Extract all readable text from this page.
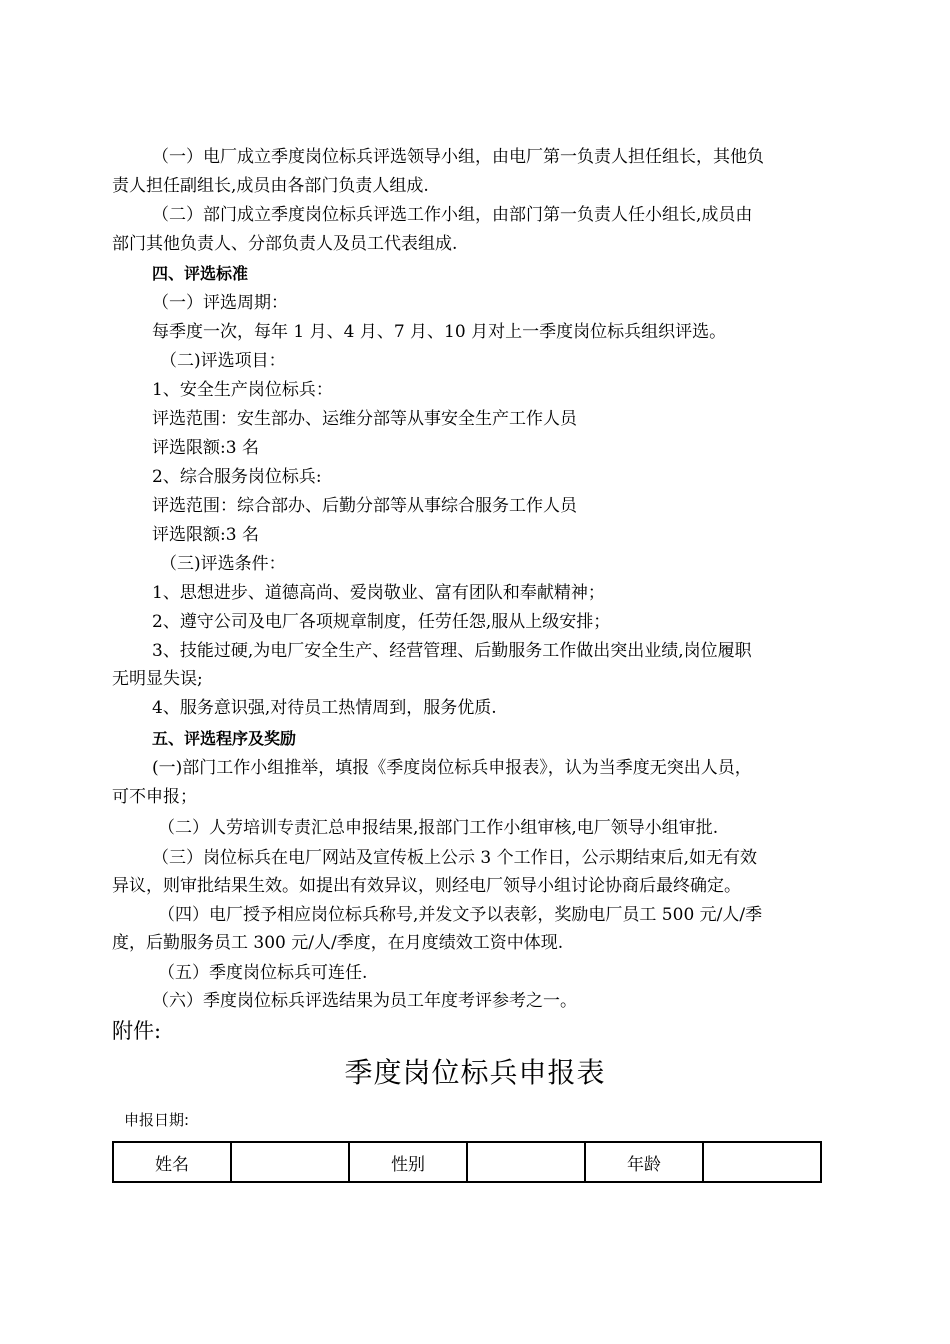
（一）电厂成立季度岗位标兵评选领导小组，由电厂第一负责人担任组长，其他负

责人担任副组长,成员由各部门负责人组成.

（二）部门成立季度岗位标兵评选工作小组，由部门第一负责人任小组长,成员由

部门其他负责人、分部负责人及员工代表组成.

四、评选标准

（一）评选周期：

每季度一次，每年 1 月、4 月、7 月、10 月对上一季度岗位标兵组织评选。

（二)评选项目：

1、安全生产岗位标兵：

评选范围：安生部办、运维分部等从事安全生产工作人员

评选限额:3 名

2、综合服务岗位标兵:

评选范围：综合部办、后勤分部等从事综合服务工作人员

评选限额:3 名

（三)评选条件：

1、思想进步、道德高尚、爱岗敬业、富有团队和奉献精神；

2、遵守公司及电厂各项规章制度，任劳任怨,服从上级安排；

3、技能过硬,为电厂安全生产、经营管理、后勤服务工作做出突出业绩,岗位履职

无明显失误;

4、服务意识强,对待员工热情周到，服务优质.

五、评选程序及奖励

(一)部门工作小组推举，填报《季度岗位标兵申报表》，认为当季度无突出人员，

可不申报；

（二）人劳培训专责汇总申报结果,报部门工作小组审核,电厂领导小组审批.

（三）岗位标兵在电厂网站及宣传板上公示 3 个工作日，公示期结束后,如无有效

异议，则审批结果生效。如提出有效异议，则经电厂领导小组讨论协商后最终确定。

（四）电厂授予相应岗位标兵称号,并发文予以表彰，奖励电厂员工 500 元/人/季

度，后勤服务员工 300 元/人/季度，在月度绩效工资中体现.

（五）季度岗位标兵可连任.

（六）季度岗位标兵评选结果为员工年度考评参考之一。

附件:
季度岗位标兵申报表
申报日期:
姓名		性别		年龄	
